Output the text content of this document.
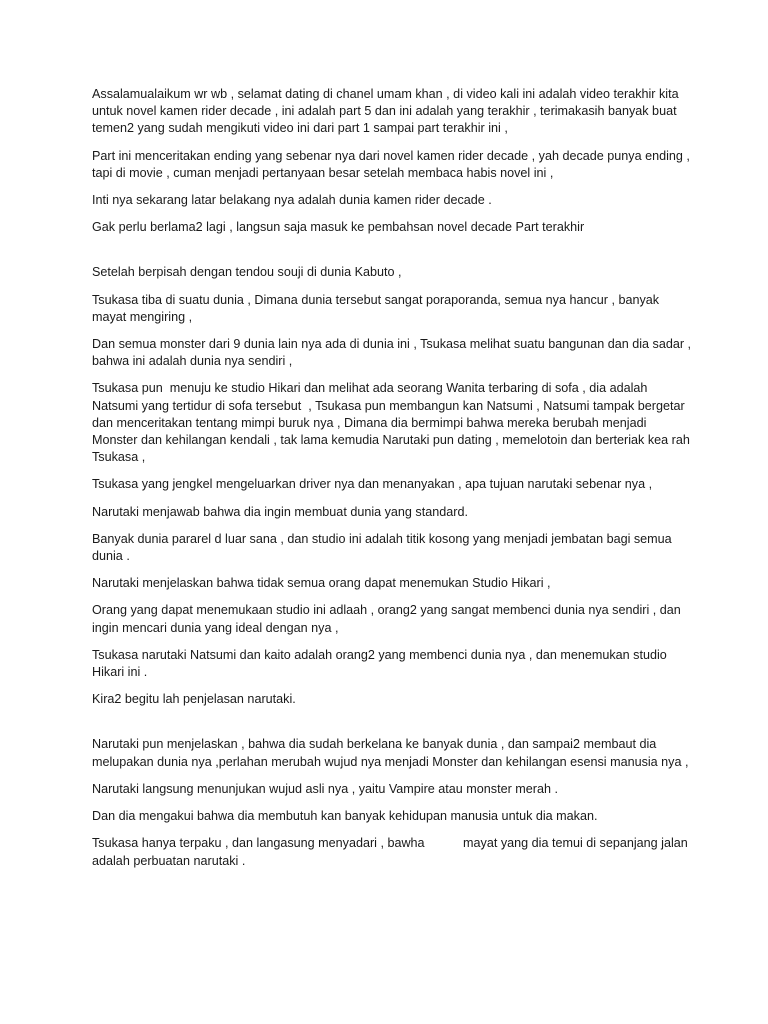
Assalamualaikum wr wb , selamat dating di chanel umam khan , di video kali ini adalah video terakhir kita untuk novel kamen rider decade , ini adalah part 5 dan ini adalah yang terakhir , terimakasih banyak buat temen2 yang sudah mengikuti video ini dari part 1 sampai part terakhir ini ,

Part ini menceritakan ending yang sebenar nya dari novel kamen rider decade , yah decade punya ending , tapi di movie , cuman menjadi pertanyaan besar setelah membaca habis novel ini ,

Inti nya sekarang latar belakang nya adalah dunia kamen rider decade .

Gak perlu berlama2 lagi , langsun saja masuk ke pembahsan novel decade Part terakhir

Setelah berpisah dengan tendou souji di dunia Kabuto ,

Tsukasa tiba di suatu dunia , Dimana dunia tersebut sangat poraporanda, semua nya hancur , banyak mayat mengiring ,

Dan semua monster dari 9 dunia lain nya ada di dunia ini , Tsukasa melihat suatu bangunan dan dia sadar , bahwa ini adalah dunia nya sendiri ,

Tsukasa pun  menuju ke studio Hikari dan melihat ada seorang Wanita terbaring di sofa , dia adalah Natsumi yang tertidur di sofa tersebut  , Tsukasa pun membangun kan Natsumi , Natsumi tampak bergetar dan menceritakan tentang mimpi buruk nya , Dimana dia bermimpi bahwa mereka berubah menjadi Monster dan kehilangan kendali , tak lama kemudia Narutaki pun dating , memelotoin dan berteriak kea rah Tsukasa ,

Tsukasa yang jengkel mengeluarkan driver nya dan menanyakan , apa tujuan narutaki sebenar nya ,

Narutaki menjawab bahwa dia ingin membuat dunia yang standard.

Banyak dunia pararel d luar sana , dan studio ini adalah titik kosong yang menjadi jembatan bagi semua dunia .

Narutaki menjelaskan bahwa tidak semua orang dapat menemukan Studio Hikari ,

Orang yang dapat menemukaan studio ini adlaah , orang2 yang sangat membenci dunia nya sendiri , dan ingin mencari dunia yang ideal dengan nya ,

Tsukasa narutaki Natsumi dan kaito adalah orang2 yang membenci dunia nya , dan menemukan studio Hikari ini .

Kira2 begitu lah penjelasan narutaki.

Narutaki pun menjelaskan , bahwa dia sudah berkelana ke banyak dunia , dan sampai2 membaut dia melupakan dunia nya ,perlahan merubah wujud nya menjadi Monster dan kehilangan esensi manusia nya ,

Narutaki langsung menunjukan wujud asli nya , yaitu Vampire atau monster merah .

Dan dia mengakui bahwa dia membutuh kan banyak kehidupan manusia untuk dia makan.

Tsukasa hanya terpaku , dan langasung menyadari , bawha           mayat yang dia temui di sepanjang jalan adalah perbuatan narutaki .
